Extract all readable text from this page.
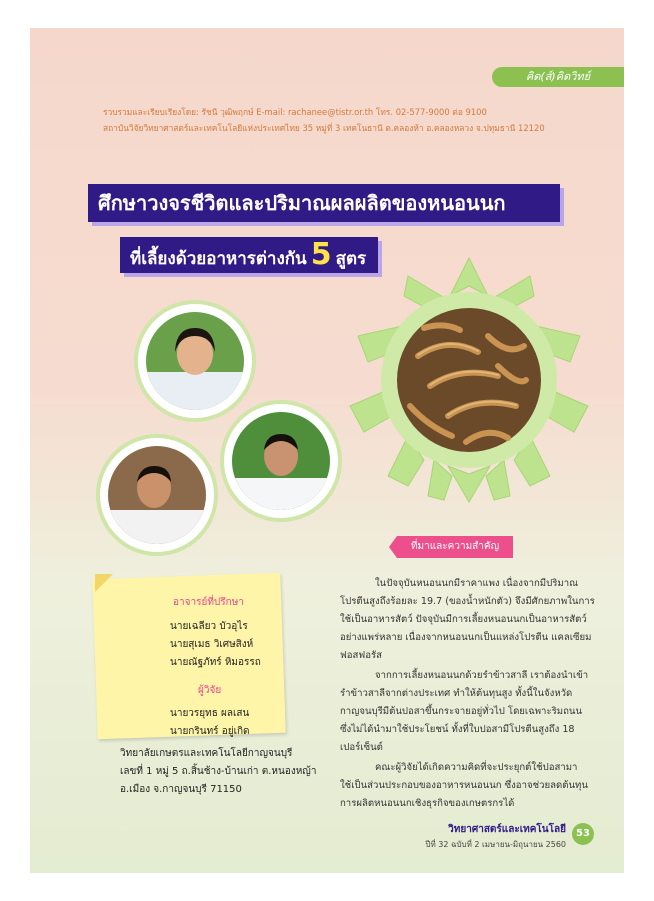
คิด(ส์)คิดวิทย์
รวบรวมและเรียบเรียงโดย: รัชนี วุฒิพฤกษ์ E-mail: rachanee@tistr.or.th โทร. 02-577-9000 ต่อ 9100
สถาบันวิจัยวิทยาศาสตร์และเทคโนโลยีแห่งประเทศไทย 35 หมู่ที่ 3 เทคโนธานี ต.คลองห้า อ.คลองหลวง จ.ปทุมธานี 12120
ศึกษาวงจรชีวิตและปริมาณผลผลิตของหนอนนก
ที่เลี้ยงด้วยอาหารต่างกัน 5 สูตร
ที่มาและความสำคัญ
อาจารย์ที่ปรึกษา
นายเฉลียว บัวอุไร
นายสุเมธ วิเศษสิงห์
นายณัฐภัทร์ หิมอรรถ
ผู้วิจัย
นายวรยุทธ ผลเสน
นายกรินทร์ อยู่เกิด
วิทยาลัยเกษตรและเทคโนโลยีกาญจนบุรี
เลขที่ 1 หมู่ 5 ถ.สิ้นช้าง-บ้านเก่า ต.หนองหญ้า
อ.เมือง จ.กาญจนบุรี 71150
ในปัจจุบันหนอนนกมีราคาแพง เนื่องจากมีปริมาณ
โปรตีนสูงถึงร้อยละ 19.7 (ของน้ำหนักตัว) จึงมีศักยภาพในการ
ใช้เป็นอาหารสัตว์ ปัจจุบันมีการเลี้ยงหนอนนกเป็นอาหารสัตว์
อย่างแพร่หลาย เนื่องจากหนอนนกเป็นแหล่งโปรตีน แคลเซียม
ฟอสฟอรัส
จากการเลี้ยงหนอนนกด้วยรำข้าวสาลี เราต้องนำเข้า
รำข้าวสาลีจากต่างประเทศ ทำให้ต้นทุนสูง ทั้งนี้ในจังหวัด
กาญจนบุรีมีต้นปอสาขึ้นกระจายอยู่ทั่วไป โดยเฉพาะริมถนน
ซึ่งไม่ได้นำมาใช้ประโยชน์ ทั้งที่ใบปอสามีโปรตีนสูงถึง 18
เปอร์เซ็นต์
คณะผู้วิจัยได้เกิดความคิดที่จะประยุกต์ใช้ปอสามา
ใช้เป็นส่วนประกอบของอาหารหนอนนก ซึ่งอาจช่วยลดต้นทุน
การผลิตหนอนนกเชิงธุรกิจของเกษตรกรได้
วิทยาศาสตร์และเทคโนโลยี
ปีที่ 32 ฉบับที่ 2 เมษายน-มิถุนายน 2560
53
